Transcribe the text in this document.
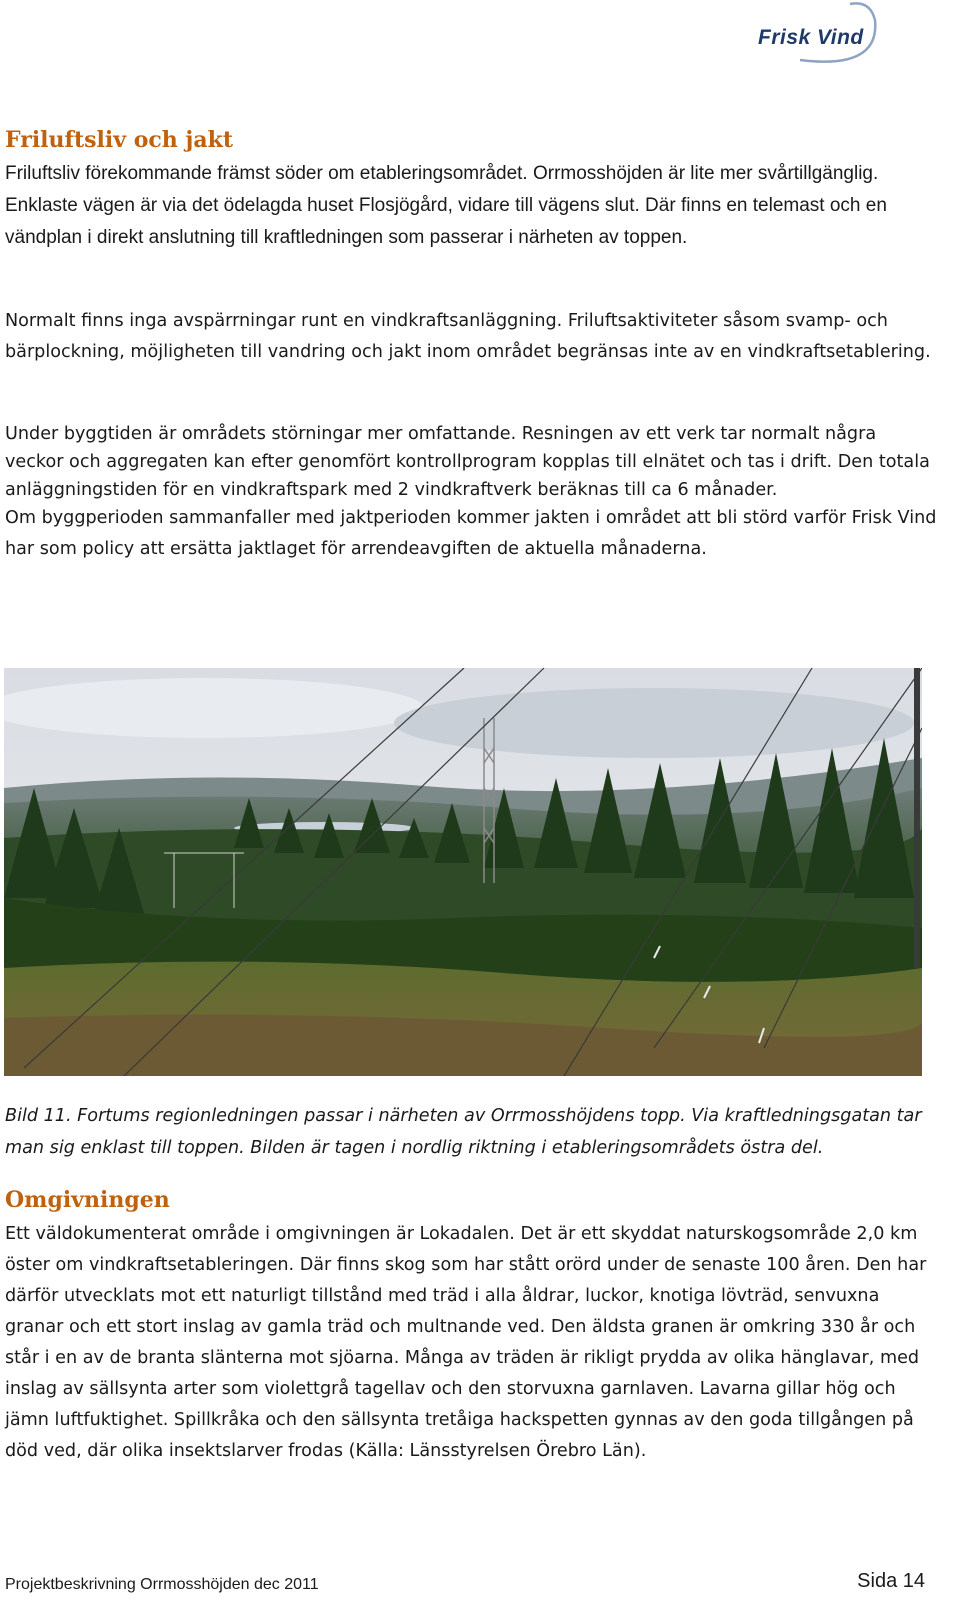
Frisk Vind
Friluftsliv och jakt

Friluftsliv förekommande främst söder om etableringsområdet. Orrmosshöjden är lite mer svårtillgänglig. Enklaste vägen är via det ödelagda huset Flosjögård, vidare till vägens slut. Där finns en telemast och en vändplan i direkt anslutning till kraftledningen som passerar i närheten av toppen.

Normalt finns inga avspärrningar runt en vindkraftsanläggning. Friluftsaktiviteter såsom svamp- och bärplockning, möjligheten till vandring och jakt inom området begränsas inte av en vindkraftsetablering.

Under byggtiden är områdets störningar mer omfattande. Resningen av ett verk tar normalt några veckor och aggregaten kan efter genomfört kontrollprogram kopplas till elnätet och tas i drift. Den totala anläggningstiden för en vindkraftspark med 2 vindkraftverk beräknas till ca 6 månader.

Om byggperioden sammanfaller med jaktperioden kommer jakten i området att bli störd varför Frisk Vind har som policy att ersätta jaktlaget för arrendeavgiften de aktuella månaderna.

Bild 11. Fortums regionledningen passar i närheten av Orrmosshöjdens topp. Via kraftledningsgatan tar man sig enklast till toppen. Bilden är tagen i nordlig riktning i etableringsområdets östra del.

Omgivningen

Ett väldokumenterat område i omgivningen är Lokadalen. Det är ett skyddat naturskogsområde 2,0 km öster om vindkraftsetableringen. Där finns skog som har stått orörd under de senaste 100 åren. Den har därför utvecklats mot ett naturligt tillstånd med träd i alla åldrar, luckor, knotiga lövträd, senvuxna granar och ett stort inslag av gamla träd och multnande ved. Den äldsta granen är omkring 330 år och står i en av de branta slänterna mot sjöarna. Många av träden är rikligt prydda av olika hänglavar, med inslag av sällsynta arter som violettgrå tagellav och den storvuxna garnlaven. Lavarna gillar hög och jämn luftfuktighet. Spillkråka och den sällsynta tretåiga hackspetten gynnas av den goda tillgången på död ved, där olika insektslarver frodas (Källa: Länsstyrelsen Örebro Län).

Projektbeskrivning Orrmosshöjden dec 2011	Sida 14
